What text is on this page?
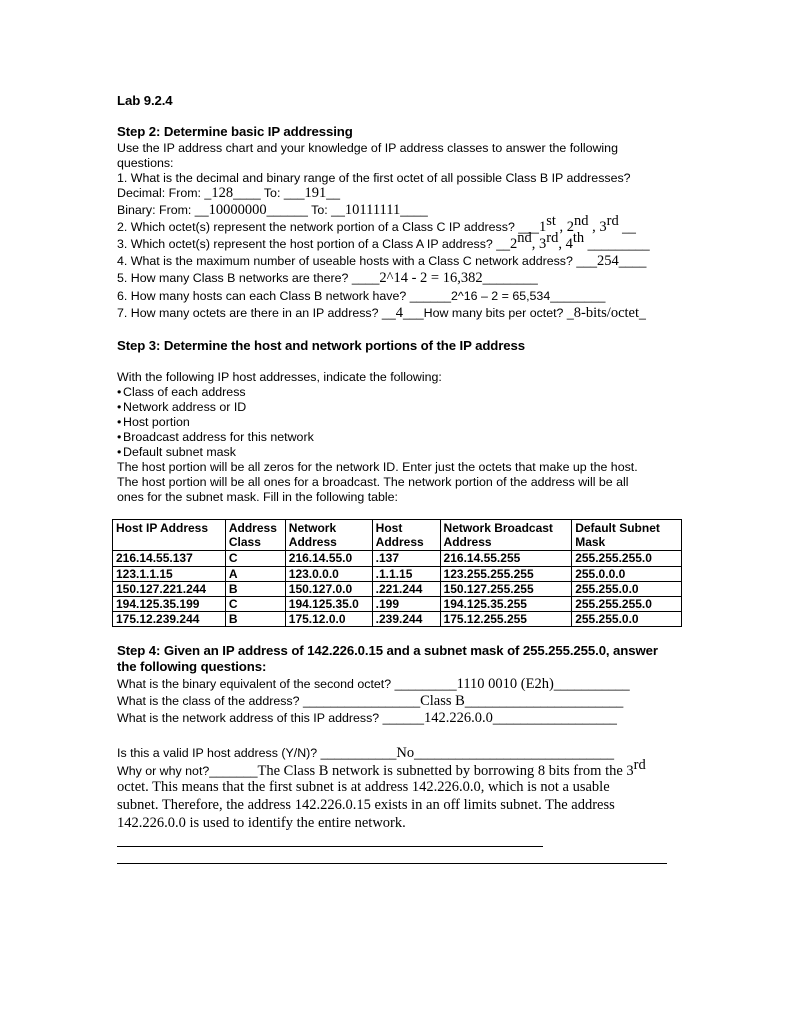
Lab 9.2.4
Step 2: Determine basic IP addressing
Use the IP address chart and your knowledge of IP address classes to answer the following
questions:
1. What is the decimal and binary range of the first octet of all possible Class B IP addresses?
Decimal: From: _128____ To: ___191__
Binary: From: __10000000______ To: __10111111____
2. Which octet(s) represent the network portion of a Class C IP address? ___1st , 2nd , 3rd __
3. Which octet(s) represent the host portion of a Class A IP address? __2nd, 3rd, 4th _________
4. What is the maximum number of useable hosts with a Class C network address? ___254____
5. How many Class B networks are there? ____2^14 - 2 = 16,382________
6. How many hosts can each Class B network have? ______2^16 – 2 = 65,534________
7. How many octets are there in an IP address? __4___How many bits per octet? _8-bits/octet_
Step 3: Determine the host and network portions of the IP address
With the following IP host addresses, indicate the following:
• Class of each address
• Network address or ID
• Host portion
• Broadcast address for this network
• Default subnet mask
The host portion will be all zeros for the network ID. Enter just the octets that make up the host.
The host portion will be all ones for a broadcast. The network portion of the address will be all
ones for the subnet mask. Fill in the following table:
Host IP Address	Address Class	Network Address	Host Address	Network Broadcast Address	Default Subnet Mask
216.14.55.137	C	216.14.55.0	.137	216.14.55.255	255.255.255.0
123.1.1.15	A	123.0.0.0	.1.1.15	123.255.255.255	255.0.0.0
150.127.221.244	B	150.127.0.0	.221.244	150.127.255.255	255.255.0.0
194.125.35.199	C	194.125.35.0	.199	194.125.35.255	255.255.255.0
175.12.239.244	B	175.12.0.0	.239.244	175.12.255.255	255.255.0.0
Step 4: Given an IP address of 142.226.0.15 and a subnet mask of 255.255.255.0, answer
the following questions:
What is the binary equivalent of the second octet? _________1110 0010 (E2h)___________
What is the class of the address? _________________Class B_______________________
What is the network address of this IP address? ______142.226.0.0__________________
Is this a valid IP host address (Y/N)? ___________No_____________________________
Why or why not?_______The Class B network is subnetted by borrowing 8 bits from the 3rd
octet. This means that the first subnet is at address 142.226.0.0, which is not a usable
subnet. Therefore, the address 142.226.0.15 exists in an off limits subnet. The address
142.226.0.0 is used to identify the entire network.
